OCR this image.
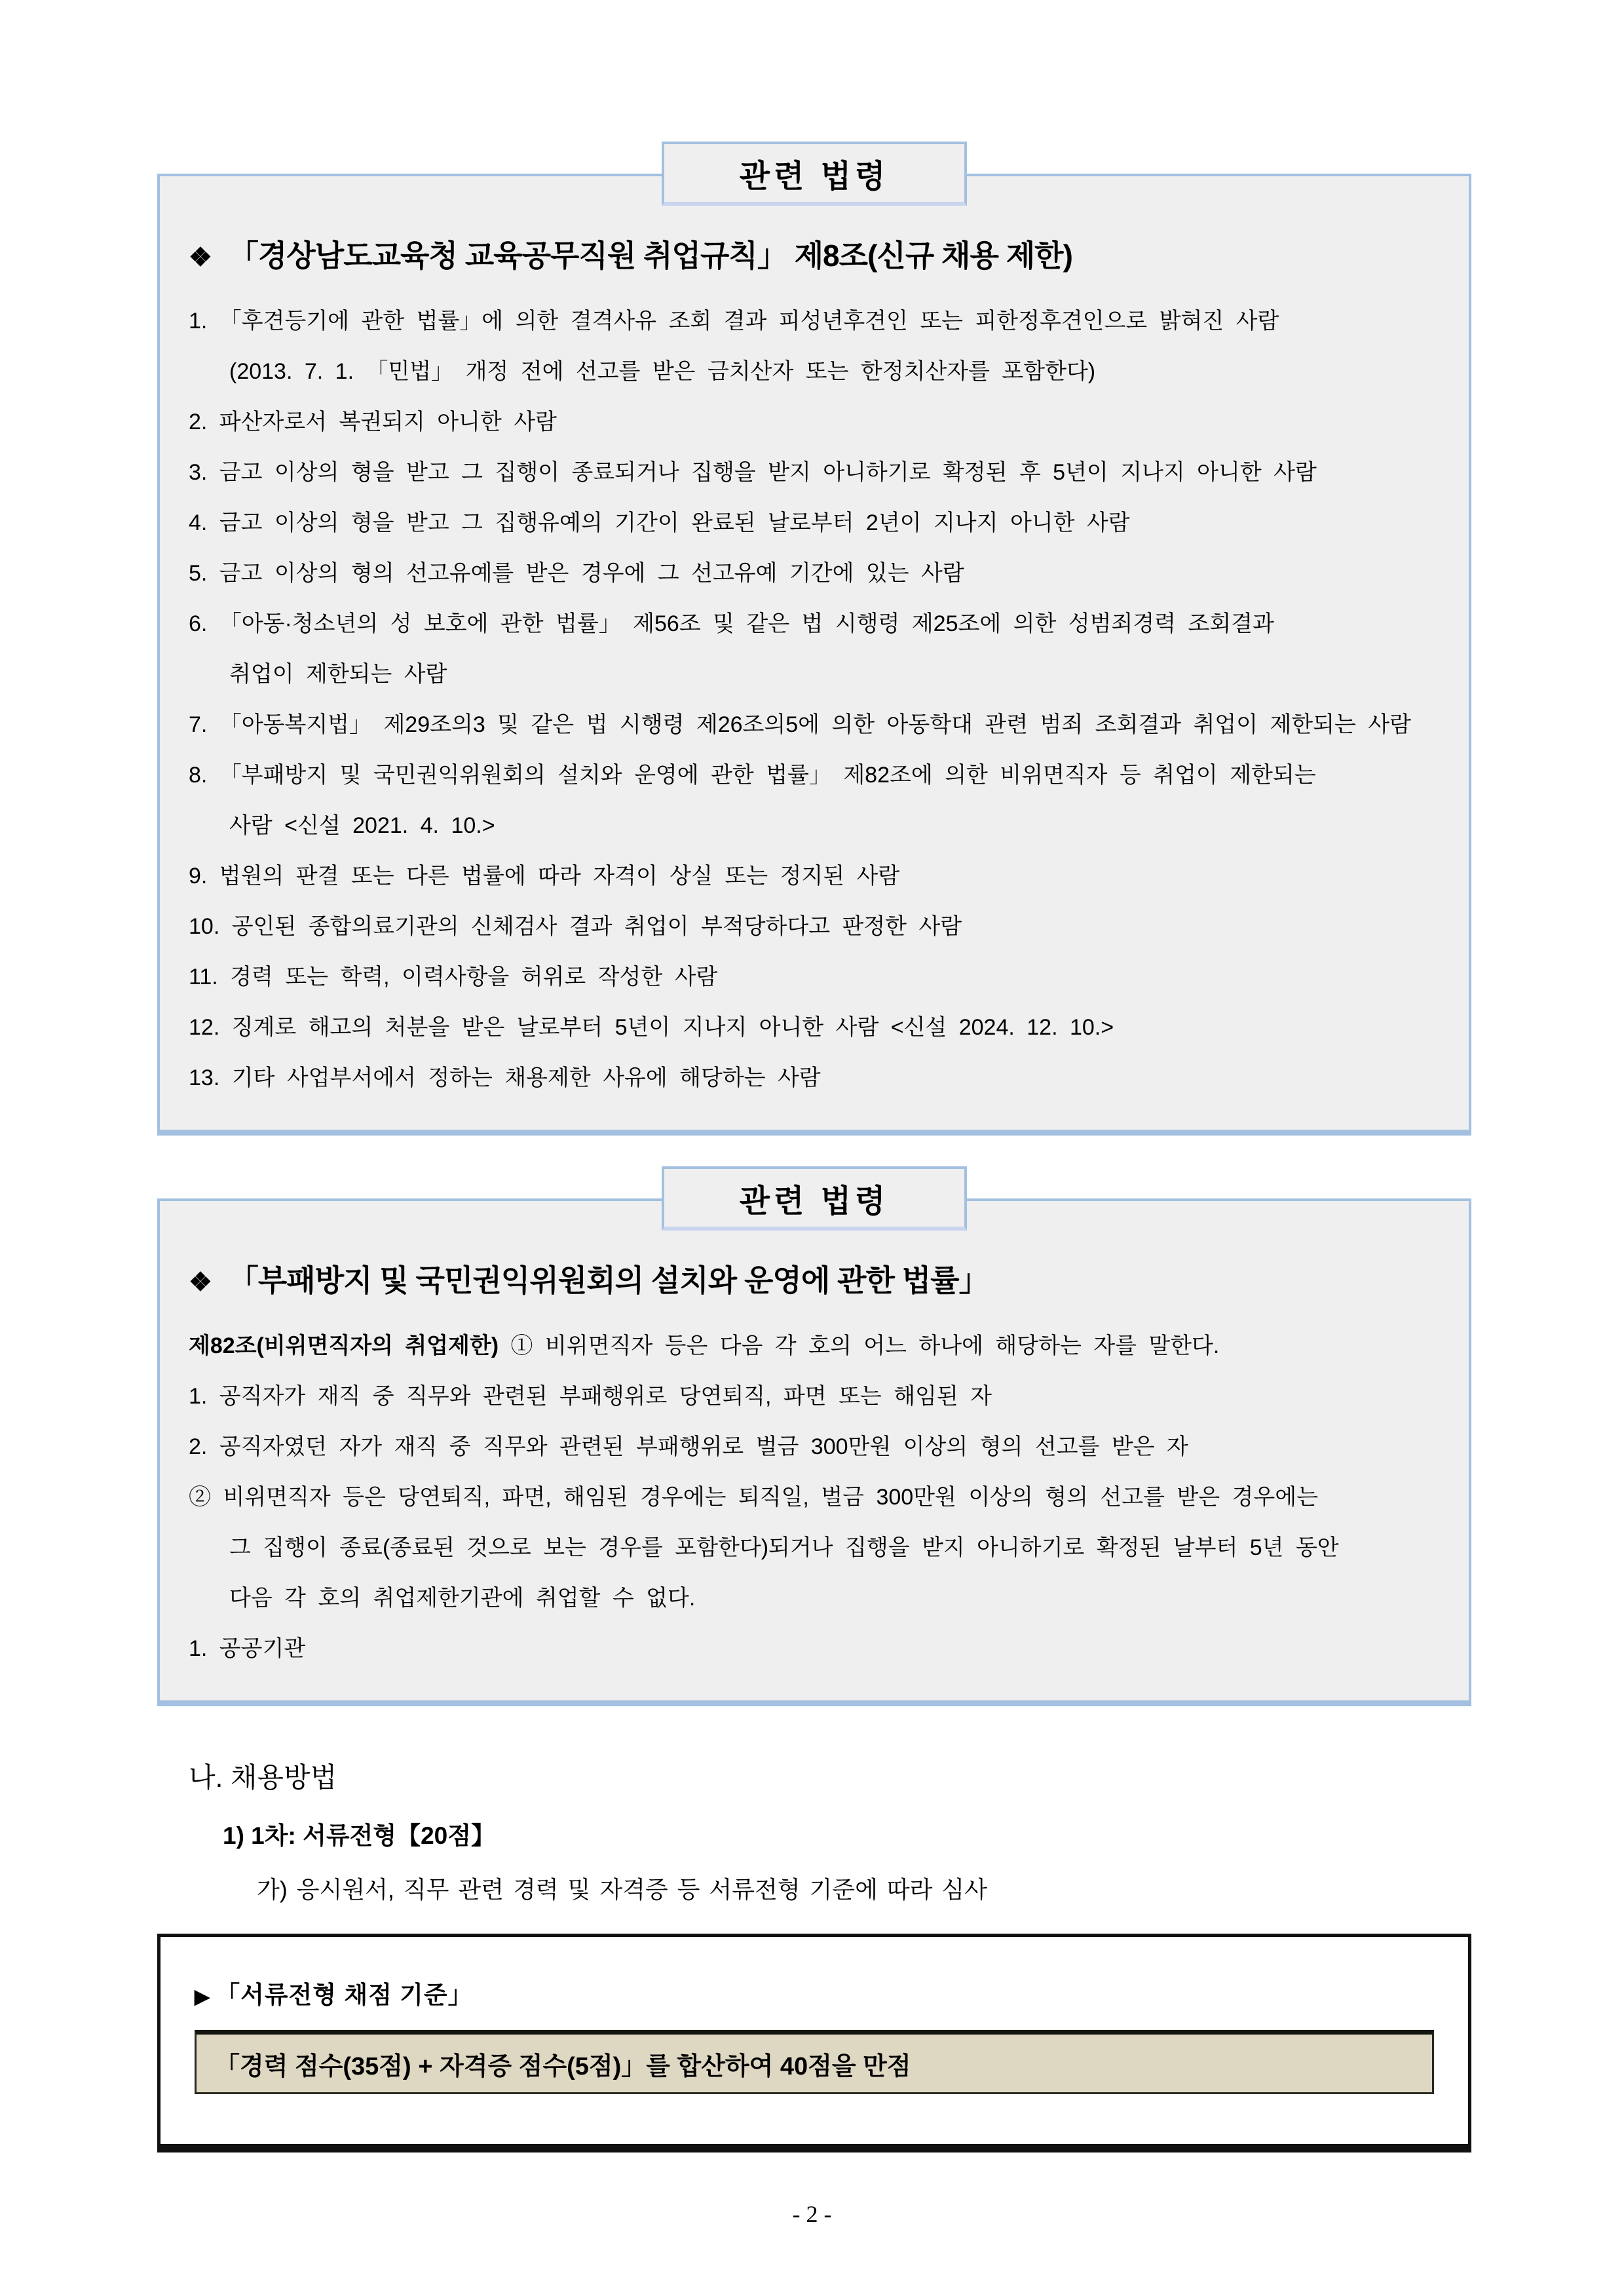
관련 법령
❖ 「경상남도교육청 교육공무직원 취업규칙」 제8조(신규 채용 제한)
1. 「후견등기에 관한 법률」에 의한 결격사유 조회 결과 피성년후견인 또는 피한정후견인으로 밝혀진 사람
(2013. 7. 1. 「민법」 개정 전에 선고를 받은 금치산자 또는 한정치산자를 포함한다)
2. 파산자로서 복권되지 아니한 사람
3. 금고 이상의 형을 받고 그 집행이 종료되거나 집행을 받지 아니하기로 확정된 후 5년이 지나지 아니한 사람
4. 금고 이상의 형을 받고 그 집행유예의 기간이 완료된 날로부터 2년이 지나지 아니한 사람
5. 금고 이상의 형의 선고유예를 받은 경우에 그 선고유예 기간에 있는 사람
6. 「아동·청소년의 성 보호에 관한 법률」 제56조 및 같은 법 시행령 제25조에 의한 성범죄경력 조회결과
취업이 제한되는 사람
7. 「아동복지법」 제29조의3 및 같은 법 시행령 제26조의5에 의한 아동학대 관련 범죄 조회결과 취업이 제한되는 사람
8. 「부패방지 및 국민권익위원회의 설치와 운영에 관한 법률」 제82조에 의한 비위면직자 등 취업이 제한되는
사람 <신설 2021. 4. 10.>
9. 법원의 판결 또는 다른 법률에 따라 자격이 상실 또는 정지된 사람
10. 공인된 종합의료기관의 신체검사 결과 취업이 부적당하다고 판정한 사람
11. 경력 또는 학력, 이력사항을 허위로 작성한 사람
12. 징계로 해고의 처분을 받은 날로부터 5년이 지나지 아니한 사람 <신설 2024. 12. 10.>
13. 기타 사업부서에서 정하는 채용제한 사유에 해당하는 사람
관련 법령
❖ 「부패방지 및 국민권익위원회의 설치와 운영에 관한 법률」
제82조(비위면직자의 취업제한) ① 비위면직자 등은 다음 각 호의 어느 하나에 해당하는 자를 말한다.
1. 공직자가 재직 중 직무와 관련된 부패행위로 당연퇴직, 파면 또는 해임된 자
2. 공직자였던 자가 재직 중 직무와 관련된 부패행위로 벌금 300만원 이상의 형의 선고를 받은 자
② 비위면직자 등은 당연퇴직, 파면, 해임된 경우에는 퇴직일, 벌금 300만원 이상의 형의 선고를 받은 경우에는
그 집행이 종료(종료된 것으로 보는 경우를 포함한다)되거나 집행을 받지 아니하기로 확정된 날부터 5년 동안
다음 각 호의 취업제한기관에 취업할 수 없다.
1. 공공기관
나. 채용방법
1) 1차: 서류전형【20점】
가) 응시원서, 직무 관련 경력 및 자격증 등 서류전형 기준에 따라 심사
▶ 「서류전형 채점 기준」
「경력 점수(35점) + 자격증 점수(5점)」를 합산하여 40점을 만점
- 2 -
